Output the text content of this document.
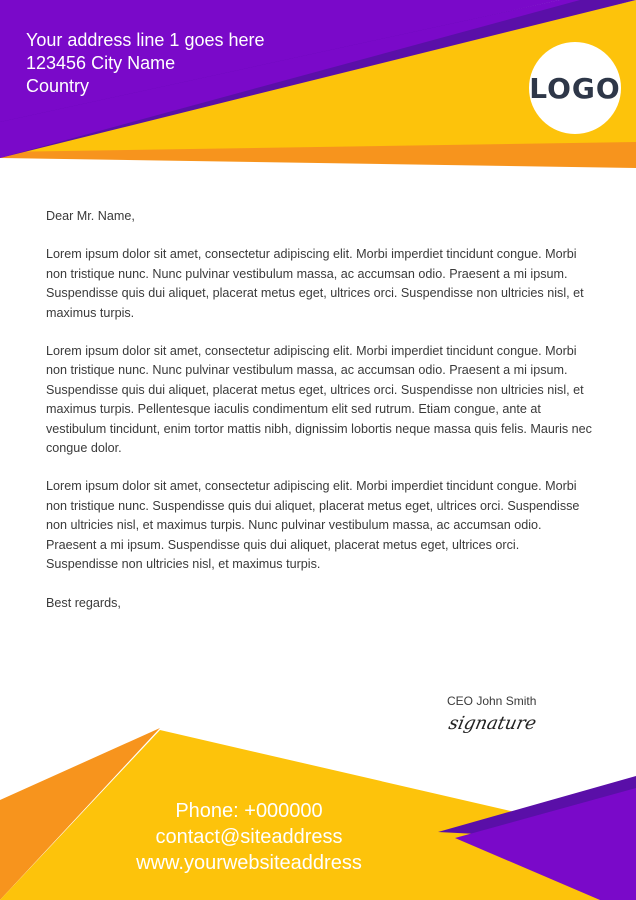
Your address line 1 goes here
123456 City Name
Country	LOGO

Dear Mr. Name,

Lorem ipsum dolor sit amet, consectetur adipiscing elit. Morbi imperdiet tincidunt congue. Morbi non tristique nunc. Nunc pulvinar vestibulum massa, ac accumsan odio. Praesent a mi ipsum. Suspendisse quis dui aliquet, placerat metus eget, ultrices orci. Suspendisse non ultricies nisl, et maximus turpis.

Lorem ipsum dolor sit amet, consectetur adipiscing elit. Morbi imperdiet tincidunt congue. Morbi non tristique nunc. Nunc pulvinar vestibulum massa, ac accumsan odio. Praesent a mi ipsum. Suspendisse quis dui aliquet, placerat metus eget, ultrices orci. Suspendisse non ultricies nisl, et maximus turpis. Pellentesque iaculis condimentum elit sed rutrum. Etiam congue, ante at vestibulum tincidunt, enim tortor mattis nibh, dignissim lobortis neque massa quis felis. Mauris nec congue dolor.

Lorem ipsum dolor sit amet, consectetur adipiscing elit. Morbi imperdiet tincidunt congue. Morbi non tristique nunc. Suspendisse quis dui aliquet, placerat metus eget, ultrices orci. Suspendisse non ultricies nisl, et maximus turpis. Nunc pulvinar vestibulum massa, ac accumsan odio. Praesent a mi ipsum. Suspendisse quis dui aliquet, placerat metus eget, ultrices orci. Suspendisse non ultricies nisl, et maximus turpis.

Best regards,

CEO John Smith
signature
Phone: +000000
contact@siteaddress
www.yourwebsiteaddress
